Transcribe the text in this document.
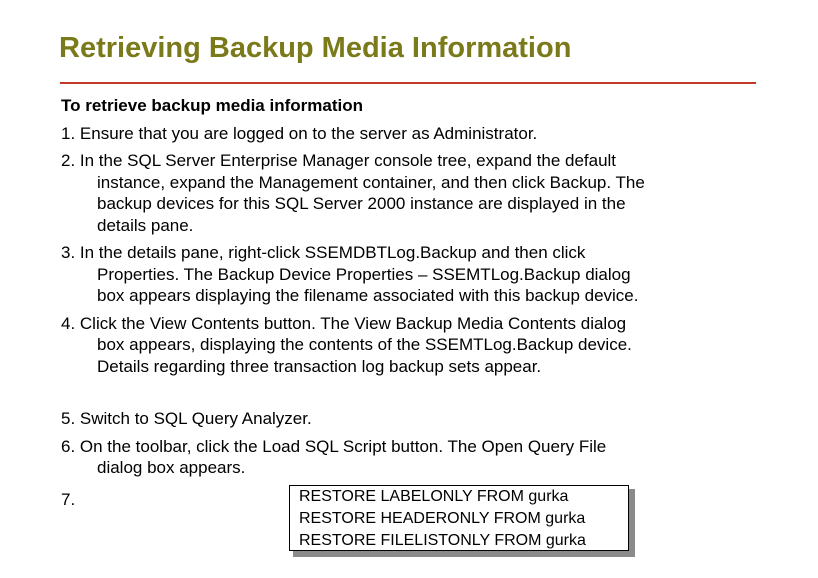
Retrieving Backup Media Information

To retrieve backup media information

1. Ensure that you are logged on to the server as Administrator.

2. In the SQL Server Enterprise Manager console tree, expand the default

instance, expand the Management container, and then click Backup. The

backup devices for this SQL Server 2000 instance are displayed in the

details pane.

3. In the details pane, right-click SSEMDBTLog.Backup and then click

Properties. The Backup Device Properties – SSEMTLog.Backup dialog

box appears displaying the filename associated with this backup device.

4. Click the View Contents button. The View Backup Media Contents dialog

box appears, displaying the contents of the SSEMTLog.Backup device.

Details regarding three transaction log backup sets appear.

5. Switch to SQL Query Analyzer.

6. On the toolbar, click the Load SQL Script button. The Open Query File

dialog box appears.

7.	RESTORE LABELONLY FROM gurka
RESTORE HEADERONLY FROM gurka
RESTORE FILELISTONLY FROM gurka
